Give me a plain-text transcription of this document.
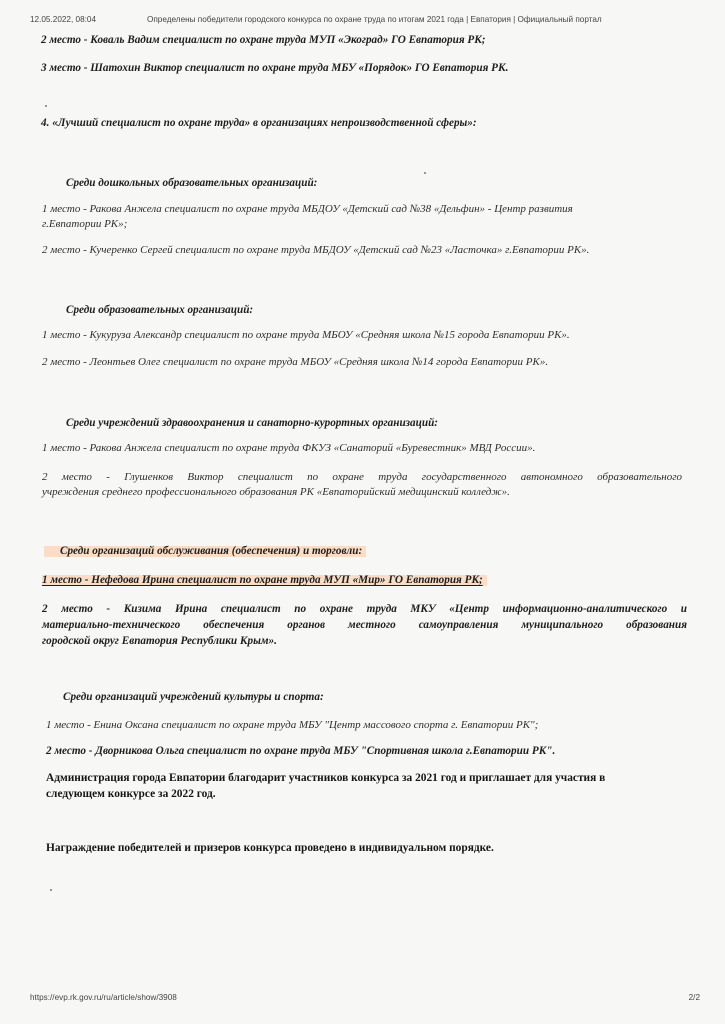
12.05.2022, 08:04	Определены победители городского конкурса по охране труда по итогам 2021 года | Евпатория | Официальный портал
2 место - Коваль Вадим специалист по охране труда МУП «Экоград» ГО Евпатория РК;
3 место - Шатохин Виктор специалист по охране труда МБУ «Порядок» ГО Евпатория РК.
4. «Лучший специалист по охране труда» в организациях непроизводственной сферы»:
Среди дошкольных образовательных организаций:
1 место - Ракова Анжела специалист по охране труда МБДОУ «Детский сад №38 «Дельфин» - Центр развития
г.Евпатории РК»;
2 место - Кучеренко Сергей специалист по охране труда МБДОУ «Детский сад №23 «Ласточка» г.Евпатории РК».
Среди образовательных организаций:
1 место - Кукуруза Александр специалист по охране труда МБОУ «Средняя школа №15 города Евпатории РК».
2 место - Леонтьев Олег специалист по охране труда МБОУ «Средняя школа №14 города Евпатории РК».
Среди учреждений здравоохранения и санаторно-курортных организаций:
1 место - Ракова Анжела специалист по охране труда ФКУЗ «Санаторий «Буревестник» МВД России».
2 место - Глушенков Виктор специалист по охране труда государственного автономного образовательного
учреждения среднего профессионального образования РК «Евпаторийский медицинский колледж».
Среди организаций обслуживания (обеспечения) и торговли:
1 место - Нефедова Ирина специалист по охране труда МУП «Мир» ГО Евпатория РК;
2 место - Кизима Ирина специалист по охране труда МКУ «Центр информационно-аналитического и
материально-технического обеспечения органов местного самоуправления муниципального образования
городской округ Евпатория Республики Крым».
Среди организаций учреждений культуры и спорта:
1 место - Енина Оксана специалист по охране труда МБУ "Центр массового спорта г. Евпатории РК";
2 место - Дворникова Ольга специалист по охране труда МБУ "Спортивная школа г.Евпатории РК".
Администрация города Евпатории благодарит участников конкурса за 2021 год и приглашает для участия в
следующем конкурсе за 2022 год.
Награждение победителей и призеров конкурса проведено в индивидуальном порядке.
https://evp.rk.gov.ru/ru/article/show/3908	2/2
